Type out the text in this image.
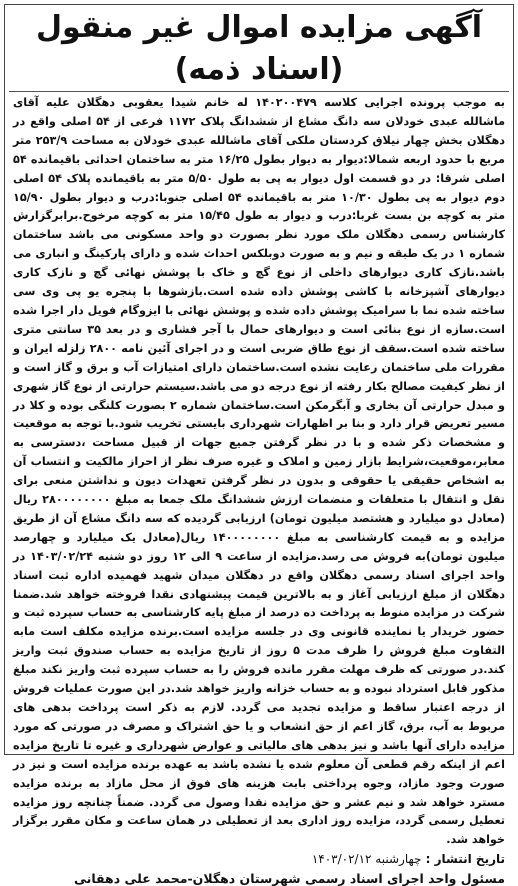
آگهی مزایده اموال غیر منقول (اسناد ذمه)

به موجب پرونده اجرایی کلاسه ۱۴۰۲۰۰۴۷۹ له خانم شیدا یعقوبی دهگلان علیه آقای ماشالله عبدی خودلان سه دانگ مشاع از ششدانگ پلاک ۱۱۷۲ فرعی از ۵۴ اصلی واقع در دهگلان بخش چهار نیلاق کردستان ملکی آقای ماشالله عبدی خودلان به مساحت ۲۵۳/۹ متر مربع با حدود اربعه شمالا:دیوار به دیوار بطول ۱۶/۲۵ متر به ساختمان احداثی باقیمانده ۵۴ اصلی شرقا: در دو قسمت اول دیوار به پی به طول ۵/۵۰ متر به باقیمانده پلاک ۵۴ اصلی دوم دیوار به پی بطول ۱۰/۳۰ متر به باقیمانده ۵۴ اصلی جنوبا:درب و دیوار بطول ۱۵/۹۰ متر به کوچه بن بست غربا:درب و دیوار به طول ۱۵/۴۵ متر به کوچه مرخوح.برابرگزارش کارشناس رسمی دهگلان ملک مورد نظر بصورت دو واحد مسکونی می باشد ساختمان شماره ۱ در یک طبقه و نیم و به صورت دوبلکس احداث شده و دارای پارکینگ و انباری می باشد.نازک کاری دیوارهای داخلی از نوع گچ و خاک با پوشش نهائی گچ و نازک کاری دیوارهای آشپزخانه با کاشی پوشش داده شده است.بازشوها با پنجره یو پی وی سی ساخته شده نما با سرامیک پوشش داده شده و پوشش نهائی با ایزوگام فویل دار اجرا شده است.سازه از نوع بنائی است و دیوارهای حمال با آجر فشاری و در بعد ۳۵ سانتی متری ساخته شده است.سقف از نوع طاق ضربی است و در اجرای آئین نامه ۲۸۰۰ زلزله ایران و مقررات ملی ساختمان رعایت نشده است.ساختمان دارای امتیازات آب و برق و گاز است و از نظر کیفیت مصالح بکار رفته از نوع درجه دو می باشد.سیستم حرارتی از نوع گاز شهری و مبدل حرارتی آن بخاری و آبگرمکن است.ساختمان شماره ۲ بصورت کلنگی بوده و کلا در مسیر تعریض قرار دارد و بنا بر اظهارات شهرداری بایستی تخریب شود.با توجه به موقعیت و مشخصات ذکر شده و با در نظر گرفتن جمیع جهات از قبیل مساحت ،دسترسی به معابر،موقعیت،شرایط بازار زمین و املاک و غیره صرف نظر از احراز مالکیت و انتساب آن به اشخاص حقیقی یا حقوقی و بدون در نظر گرفتن تعهدات دیون و نداشتن منعی برای نقل و انتقال با متعلقات و منضمات ارزش ششدانگ ملک جمعا به مبلغ ۲۸۰۰۰۰۰۰۰۰ ریال (معادل دو میلیارد و هشتصد میلیون تومان) ارزیابی گردیده که سه دانگ مشاع آن از طریق مزایده و به قیمت کارشناسی به مبلغ ۱۴۰۰۰۰۰۰۰۰ ریال(معادل یک میلیارد و چهارصد میلیون تومان)به فروش می رسد.مزایده از ساعت ۹ الی ۱۲ روز دو شنبه ۱۴۰۳/۰۲/۲۴ در واحد اجرای اسناد رسمی دهگلان واقع در دهگلان میدان شهید فهمیده اداره ثبت اسناد دهگلان از مبلغ ارزیابی آغاز و به بالاترین قیمت پیشنهادی نقدا فروخته خواهد شد.ضمنا شرکت در مزایده منوط به پرداخت ده درصد از مبلغ پایه کارشناسی به حساب سپرده ثبت و حضور خریدار یا نماینده قانونی وی در جلسه مزایده است.برنده مزایده مکلف است مابه التفاوت مبلغ فروش را ظرف مدت ۵ روز از تاریخ مزایده به حساب صندوق ثبت واریز کند.در صورتی که ظرف مهلت مقرر مانده فروش را به حساب سپرده ثبت واریز نکند مبلغ مذکور قابل استرداد نبوده و به حساب خزانه واریز خواهد شد.در این صورت عملیات فروش از درجه اعتبار ساقط و مزایده تجدید می گردد. لازم به ذکر است پرداخت بدهی های مربوط به آب، برق، گاز اعم از حق انشعاب و یا حق اشتراک و مصرف در صورتی که مورد مزایده دارای آنها باشد و نیز بدهی های مالیاتی و عوارض شهرداری و غیره تا تاریخ مزایده اعم از اینکه رقم قطعی آن معلوم شده یا نشده باشد به عهده برنده مزایده است و نیز در صورت وجود مازاد، وجوه پرداختی بابت هزینه های فوق از محل مازاد به برنده مزایده مسترد خواهد شد و نیم عشر و حق مزایده نقدا وصول می گردد. ضمناً چنانچه روز مزایده تعطیل رسمی گردد، مزایده روز اداری بعد از تعطیلی در همان ساعت و مکان مقرر برگزار خواهد شد.

تاریخ انتشار : چهارشنبه ۱۴۰۳/۰۲/۱۲
مسئول واحد اجرای اسناد رسمی شهرستان دهگلان-محمد علی دهقانی
